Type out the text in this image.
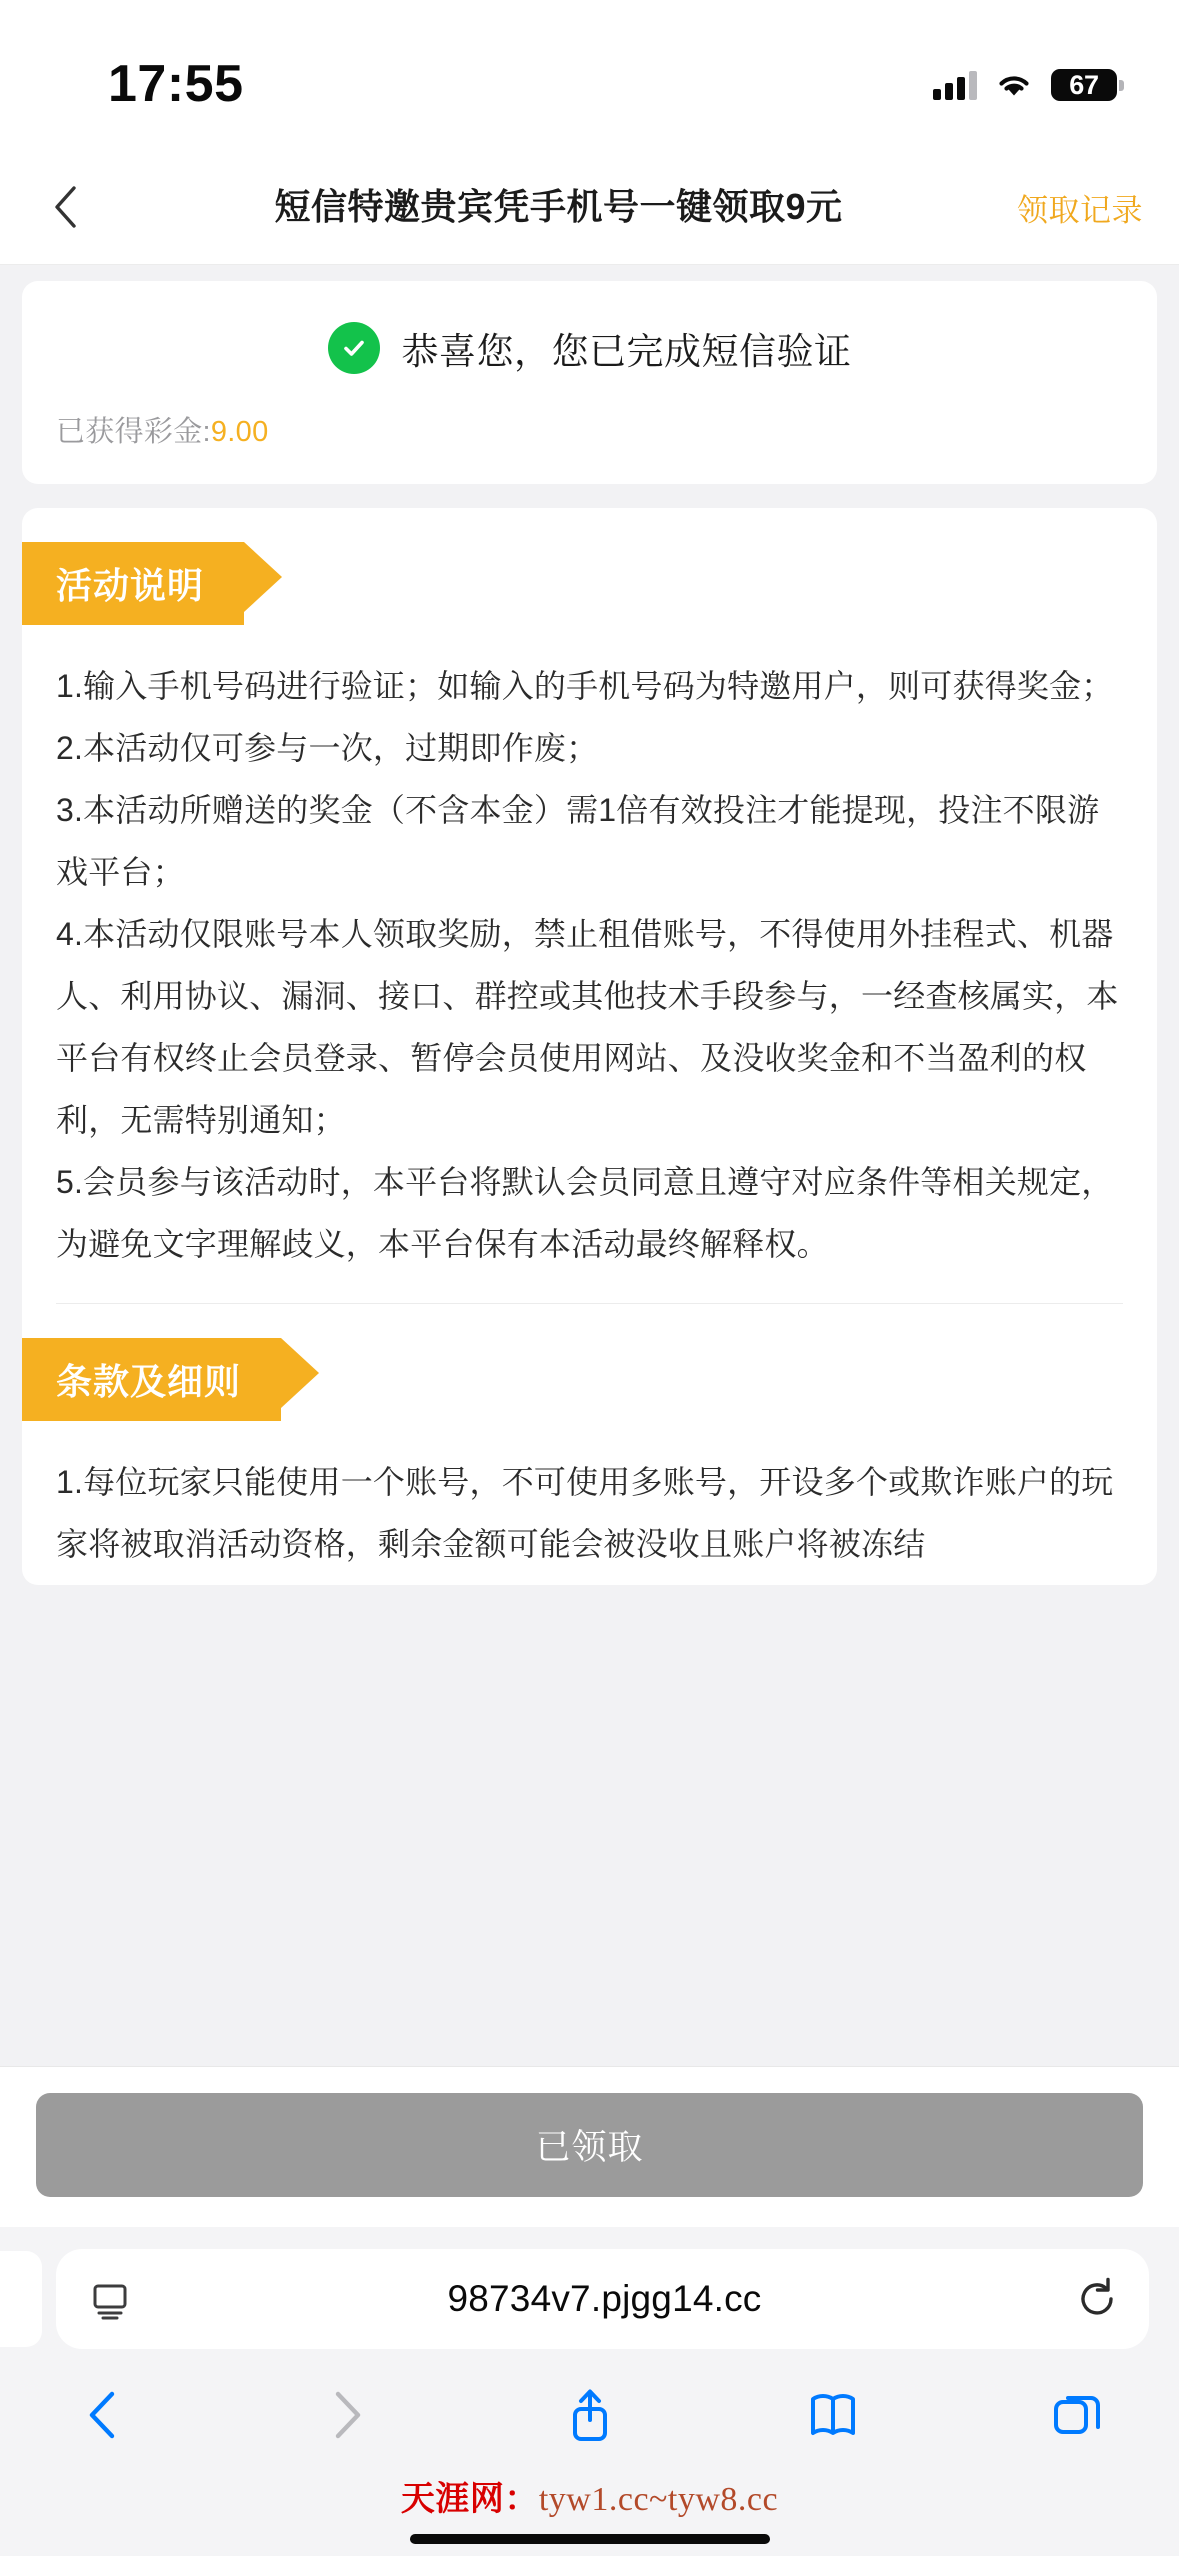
17:55	67
短信特邀贵宾凭手机号一键领取9元	领取记录
恭喜您，您已完成短信验证
已获得彩金:9.00
活动说明

1.输入手机号码进行验证；如输入的手机号码为特邀用户，则可获得奖金；

2.本活动仅可参与一次，过期即作废；

3.本活动所赠送的奖金（不含本金）需1倍有效投注才能提现，投注不限游戏平台；

4.本活动仅限账号本人领取奖励，禁止租借账号，不得使用外挂程式、机器人、利用协议、漏洞、接口、群控或其他技术手段参与，一经查核属实，本平台有权终止会员登录、暂停会员使用网站、及没收奖金和不当盈利的权利，无需特别通知；

5.会员参与该活动时，本平台将默认会员同意且遵守对应条件等相关规定，为避免文字理解歧义，本平台保有本活动最终解释权。

条款及细则

1.每位玩家只能使用一个账号，不可使用多账号，开设多个或欺诈账户的玩家将被取消活动资格，剩余金额可能会被没收且账户将被冻结

已领取
98734v7.pjgg14.cc
天涯网：tyw1.cc~tyw8.cc
